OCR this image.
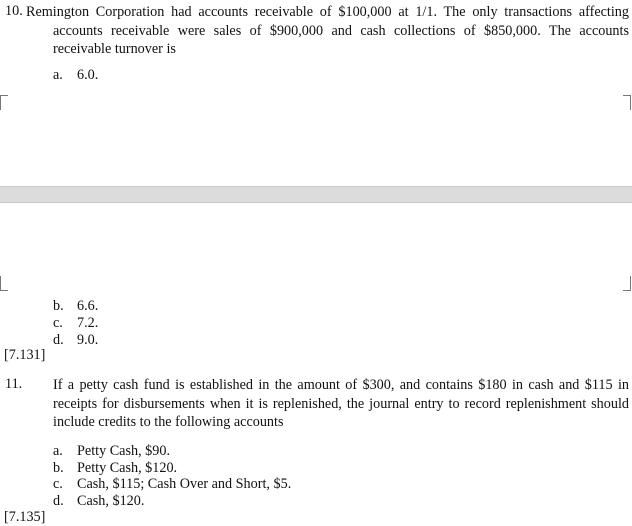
10. Remington Corporation had accounts receivable of $100,000 at 1/1. The only transactions affecting accounts receivable were sales of $900,000 and cash collections of $850,000. The accounts receivable turnover is
a. 6.0.
b. 6.6.
c. 7.2.
d. 9.0.
[7.131]
11.	If a petty cash fund is established in the amount of $300, and contains $180 in cash and $115 in receipts for disbursements when it is replenished, the journal entry to record replenishment should include credits to the following accounts
a. Petty Cash, $90.
b. Petty Cash, $120.
c. Cash, $115; Cash Over and Short, $5.
d. Cash, $120.
[7.135]
